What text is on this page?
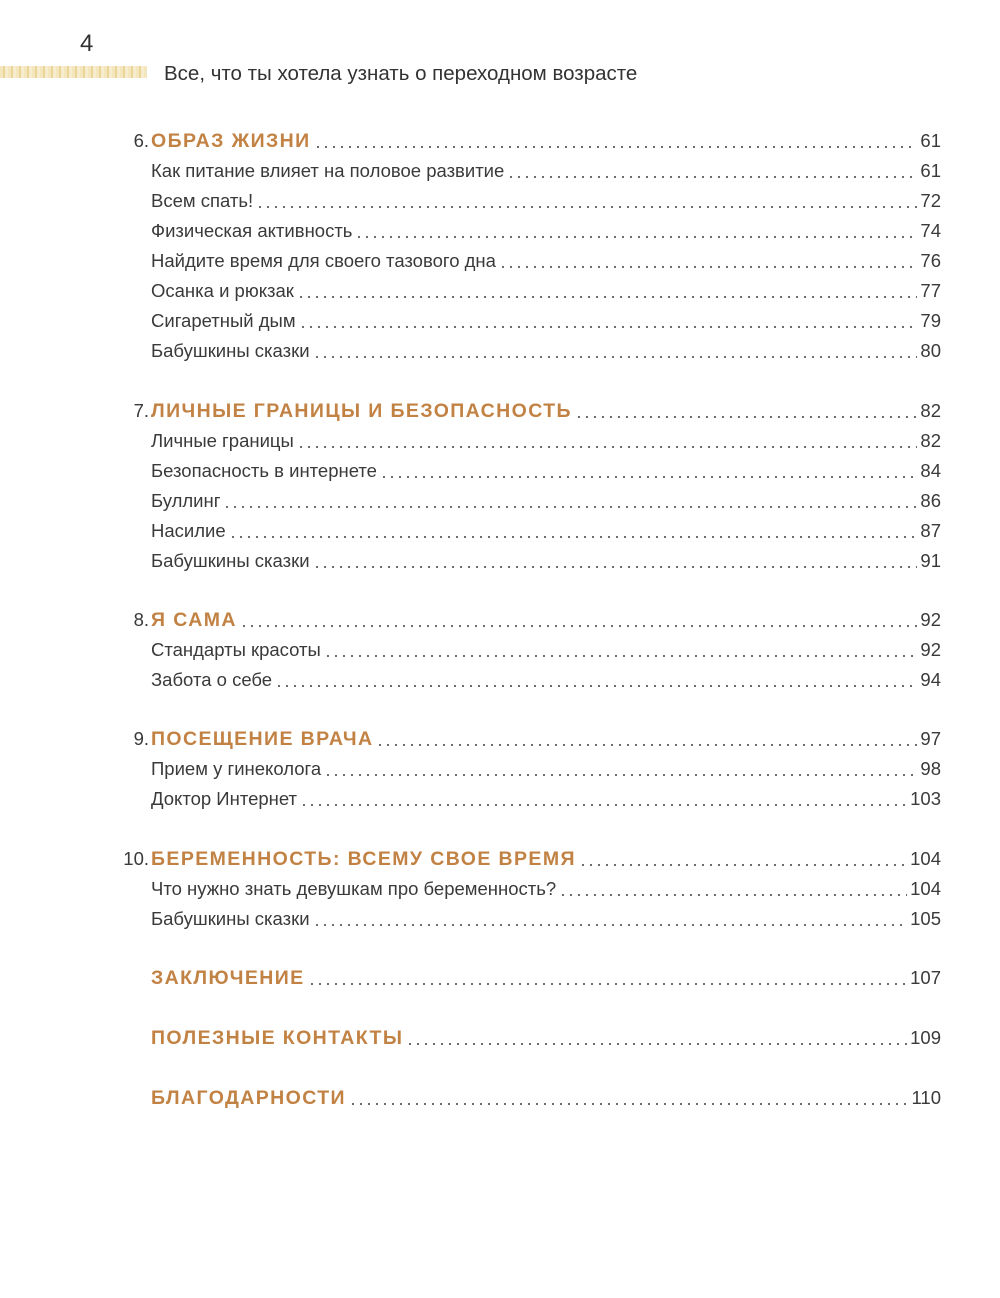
4
Все, что ты хотела узнать о переходном возрасте
6. ОБРАЗ ЖИЗНИ	61
Как питание влияет на половое развитие	61
Всем спать!	72
Физическая активность	74
Найдите время для своего тазового дна	76
Осанка и рюкзак	77
Сигаретный дым	79
Бабушкины сказки	80
7. ЛИЧНЫЕ ГРАНИЦЫ И БЕЗОПАСНОСТЬ	82
Личные границы	82
Безопасность в интернете	84
Буллинг	86
Насилие	87
Бабушкины сказки	91
8. Я САМА	92
Стандарты красоты	92
Забота о себе	94
9. ПОСЕЩЕНИЕ ВРАЧА	97
Прием у гинеколога	98
Доктор Интернет	103
10. БЕРЕМЕННОСТЬ: ВСЕМУ СВОЕ ВРЕМЯ	104
Что нужно знать девушкам про беременность?	104
Бабушкины сказки	105
ЗАКЛЮЧЕНИЕ	107
ПОЛЕЗНЫЕ КОНТАКТЫ	109
БЛАГОДАРНОСТИ	110
